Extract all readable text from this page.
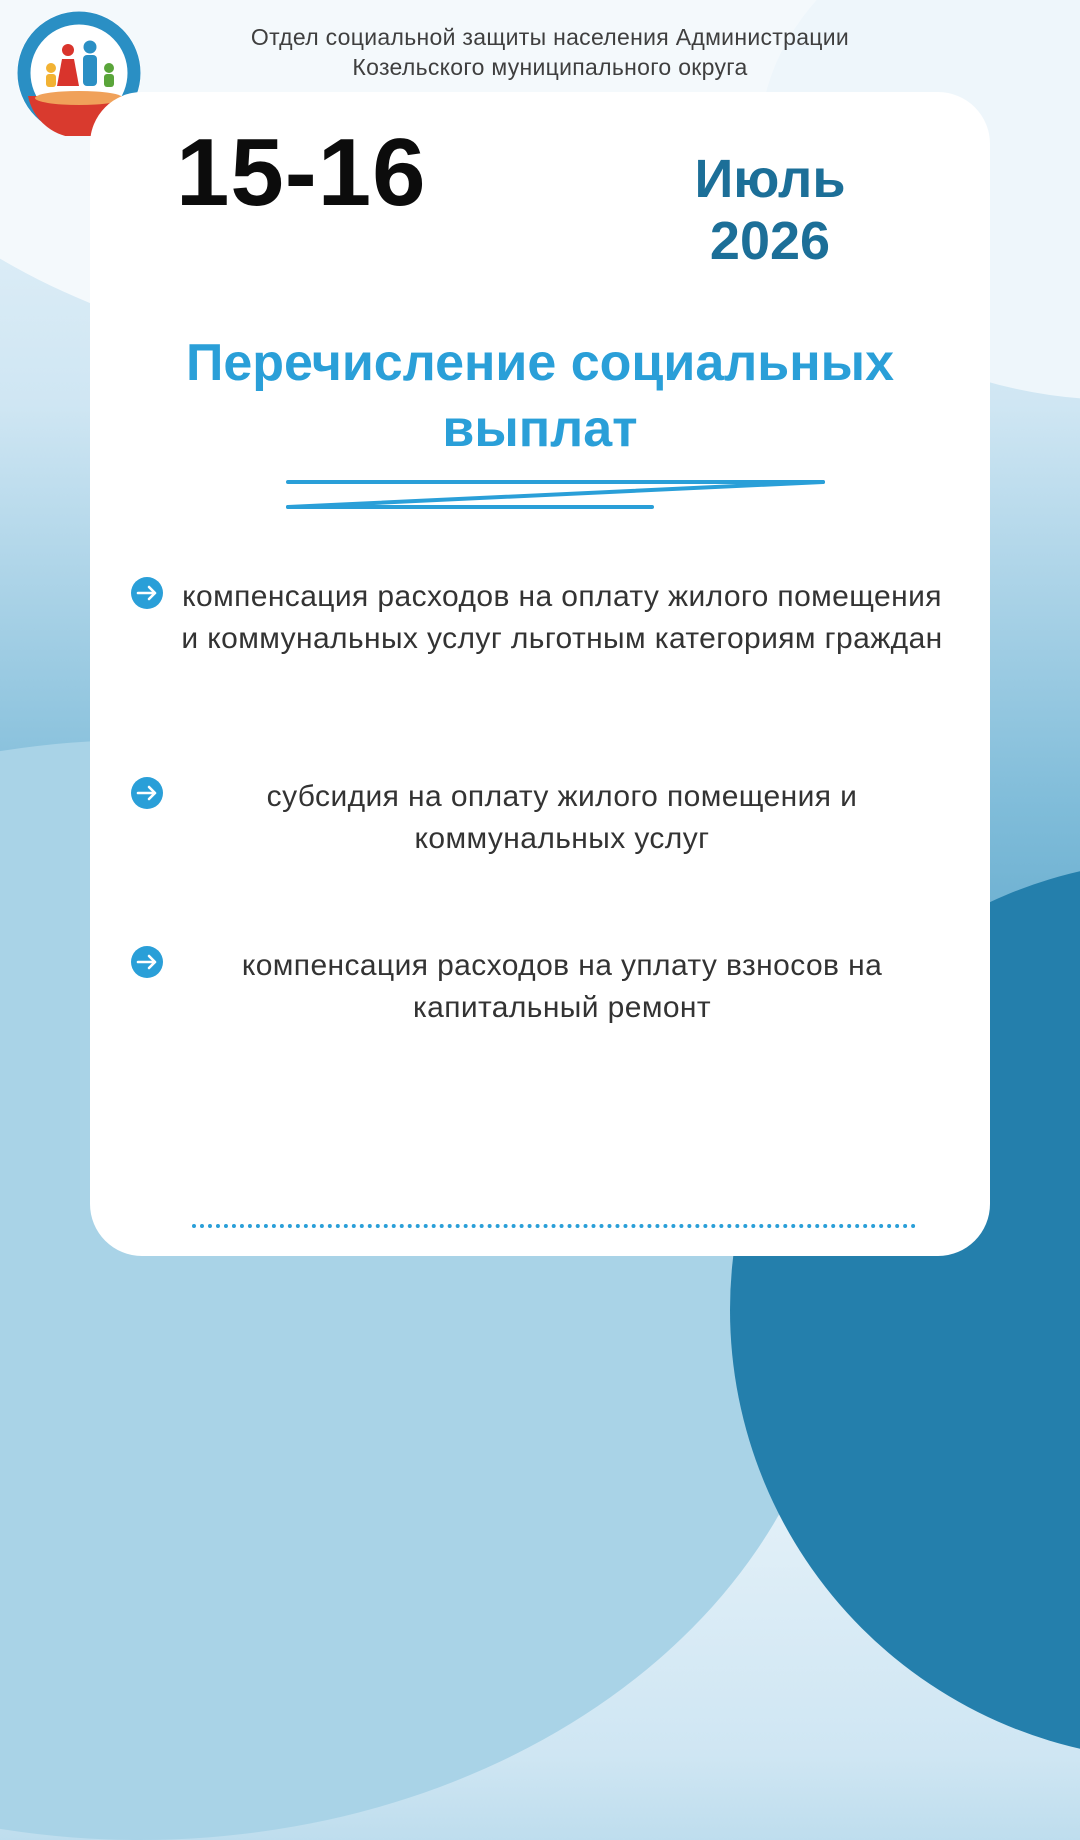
Отдел социальной защиты населения Администрации
Козельского муниципального округа
15-16	Июль
2026
Перечисление социальных
выплат
компенсация расходов на оплату жилого помещения и коммунальных услуг льготным категориям граждан
субсидия на оплату жилого помещения и коммунальных услуг
компенсация расходов на уплату взносов на капитальный ремонт
